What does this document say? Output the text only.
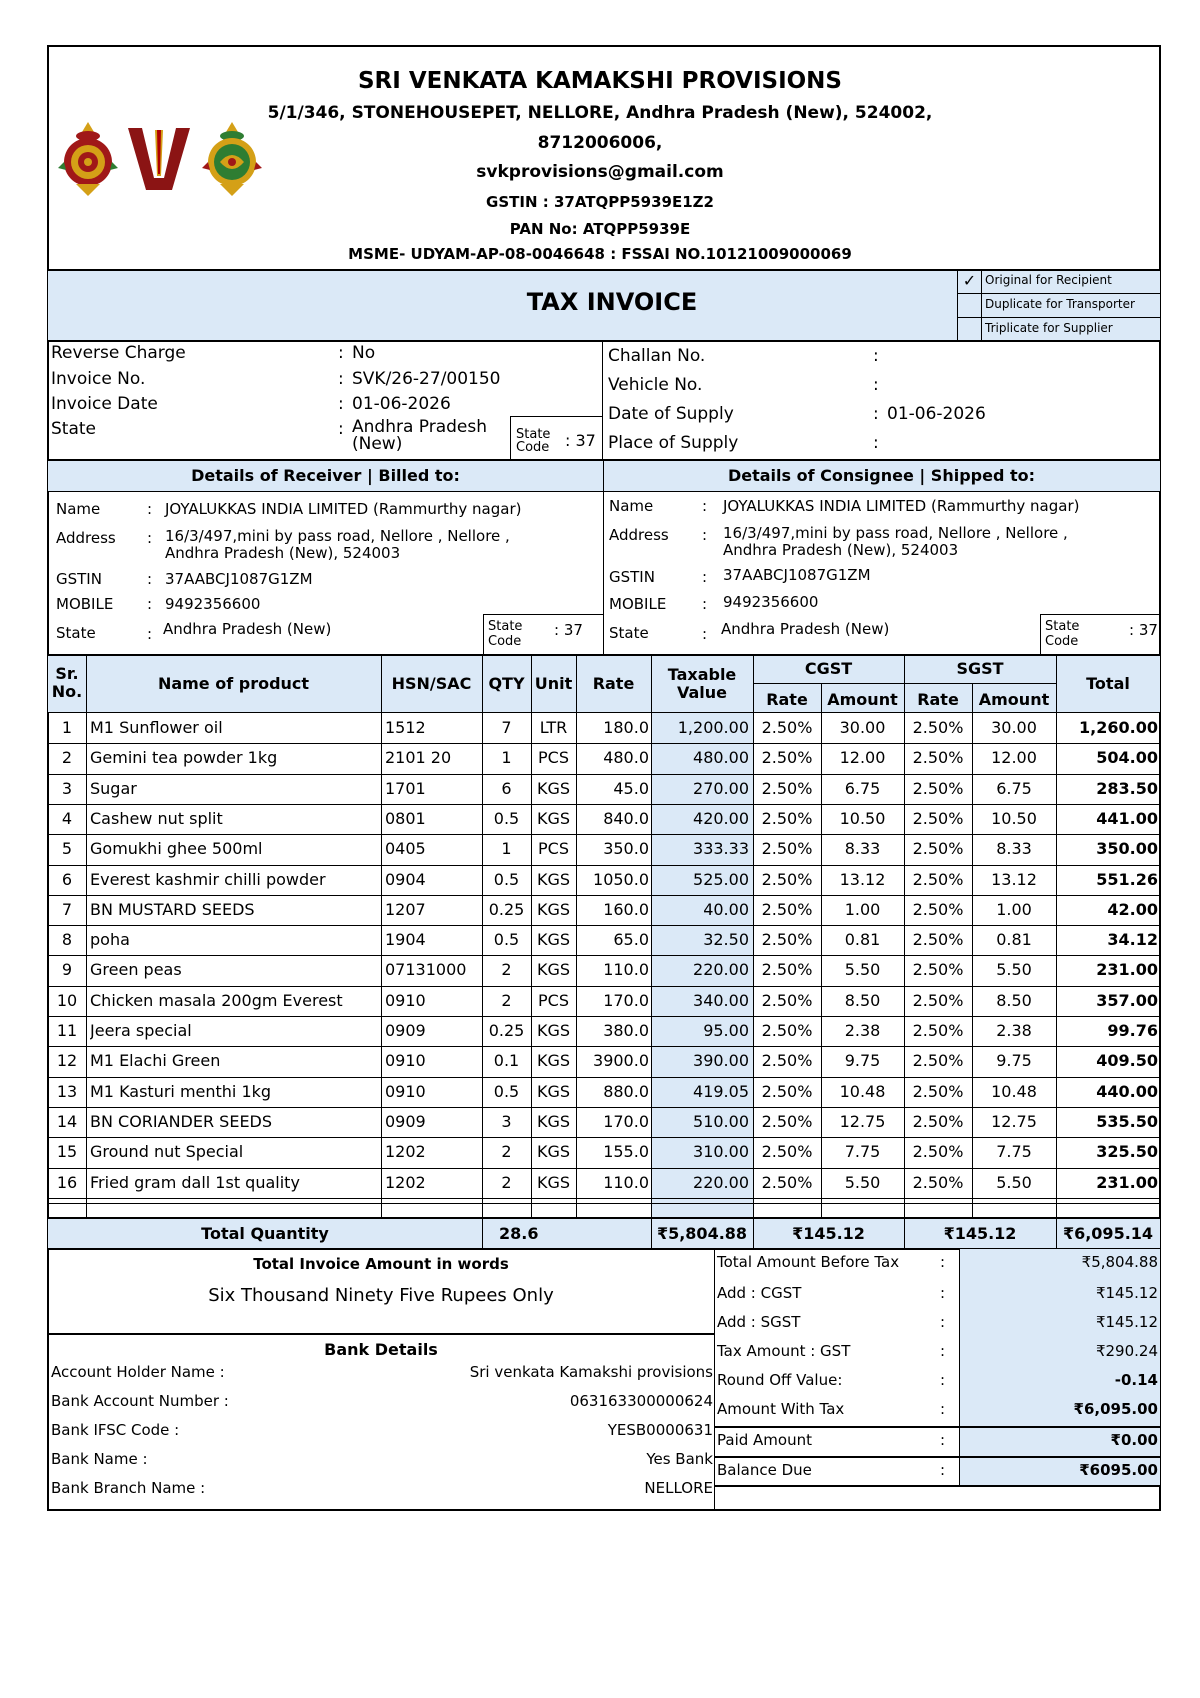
SRI VENKATA KAMAKSHI PROVISIONS
5/1/346, STONEHOUSEPET, NELLORE, Andhra Pradesh (New), 524002,
8712006006,
svkprovisions@gmail.com
GSTIN : 37ATQPP5939E1Z2
PAN No: ATQPP5939E
MSME- UDYAM-AP-08-0046648 : FSSAI NO.10121009000069
TAX INVOICE
✓ Original for Recipient
Duplicate for Transporter
Triplicate for Supplier
Reverse Charge	: No
Invoice No.	: SVK/26-27/00150
Invoice Date	: 01-06-2026
State	: Andhra Pradesh
(New)	State
Code : 37
Challan No.	:
Vehicle No.	:
Date of Supply	: 01-06-2026
Place of Supply	:
Details of Receiver | Billed to:	Details of Consignee | Shipped to:
Name	: JOYALUKKAS INDIA LIMITED (Rammurthy nagar)
Address : 16/3/497,mini by pass road, Nellore , Nellore ,
Andhra Pradesh (New), 524003
GSTIN	: 37AABCJ1087G1ZM
MOBILE : 9492356600
State	: Andhra Pradesh (New)	State
Code
: 37
Name	: JOYALUKKAS INDIA LIMITED (Rammurthy nagar)
Address : 16/3/497,mini by pass road, Nellore , Nellore ,
Andhra Pradesh (New), 524003
GSTIN	: 37AABCJ1087G1ZM
MOBILE : 9492356600
State	: Andhra Pradesh (New)	State
Code
: 37
Sr.
No.	Name of product	HSN/SAC	QTY Unit	Rate	Taxable
Value
CGST	SGST
Rate	Amount	Rate	Amount
Total
1	M1 Sunflower oil	1512	7	LTR	180.0	1,200.00 2.50%	30.00	2.50%	30.00	1,260.00
2	Gemini tea powder 1kg	2101 20	1	PCS	480.0	480.00 2.50%	12.00	2.50%	12.00	504.00
3	Sugar	1701	6	KGS	45.0	270.00 2.50%	6.75	2.50%	6.75	283.50
4	Cashew nut split	0801	0.5	KGS	840.0	420.00 2.50%	10.50	2.50%	10.50	441.00
5	Gomukhi ghee 500ml	0405	1	PCS	350.0	333.33 2.50%	8.33	2.50%	8.33	350.00
6	Everest kashmir chilli powder	0904	0.5	KGS	1050.0	525.00 2.50%	13.12	2.50%	13.12	551.26
7	BN MUSTARD SEEDS	1207	0.25 KGS	160.0	40.00 2.50%	1.00	2.50%	1.00	42.00
8	poha	1904	0.5	KGS	65.0	32.50 2.50%	0.81	2.50%	0.81	34.12
9	Green peas	07131000	2	KGS	110.0	220.00 2.50%	5.50	2.50%	5.50	231.00
10 Chicken masala 200gm Everest	0910	2	PCS	170.0	340.00 2.50%	8.50	2.50%	8.50	357.00
11 Jeera special	0909	0.25 KGS	380.0	95.00 2.50%	2.38	2.50%	2.38	99.76
12 M1 Elachi Green	0910	0.1	KGS	3900.0	390.00 2.50%	9.75	2.50%	9.75	409.50
13 M1 Kasturi menthi 1kg	0910	0.5	KGS	880.0	419.05 2.50%	10.48	2.50%	10.48	440.00
14 BN CORIANDER SEEDS	0909	3	KGS	170.0	510.00 2.50%	12.75	2.50%	12.75	535.50
15 Ground nut Special	1202	2	KGS	155.0	310.00 2.50%	7.75	2.50%	7.75	325.50
16 Fried gram dall 1st quality	1202	2	KGS	110.0	220.00 2.50%	5.50	2.50%	5.50	231.00
Total Quantity	28.6	₹5,804.88	₹145.12	₹145.12	₹6,095.14
Total Invoice Amount in words
Six Thousand Ninety Five Rupees Only
Bank Details
Account Holder Name :	Sri venkata Kamakshi provisions
Bank Account Number :	063163300000624
Bank IFSC Code :	YESB0000631
Bank Name :	Yes Bank
Bank Branch Name :	NELLORE
Total Amount Before Tax	:	₹5,804.88
Add : CGST	:	₹145.12
Add : SGST	:	₹145.12
Tax Amount : GST	:	₹290.24
Round Off Value:	:	-0.14
Amount With Tax	:	₹6,095.00
Paid Amount	:	₹0.00
Balance Due	:	₹6095.00
